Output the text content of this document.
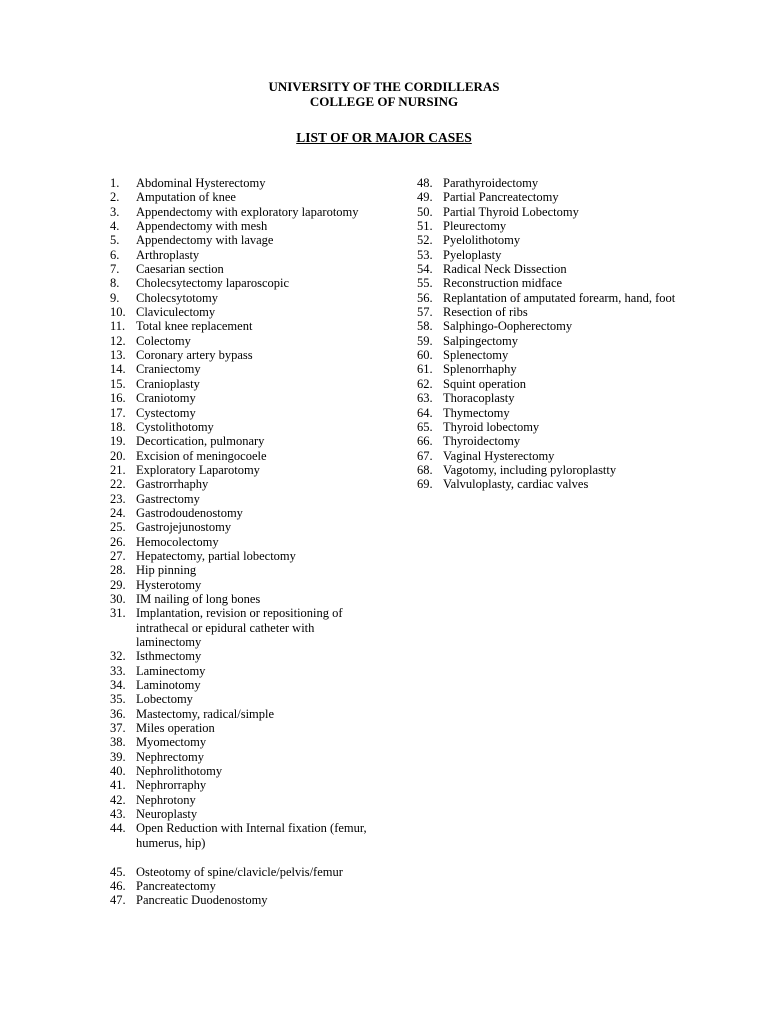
UNIVERSITY OF THE CORDILLERAS
COLLEGE OF NURSING
LIST OF OR MAJOR CASES
1.	Abdominal Hysterectomy
2.	Amputation of knee
3.	Appendectomy with exploratory laparotomy
4.	Appendectomy with mesh
5.	Appendectomy with lavage
6.	Arthroplasty
7.	Caesarian section
8.	Cholecsytectomy laparoscopic
9.	Cholecsytotomy
10. Claviculectomy
11. Total knee replacement
12. Colectomy
13. Coronary artery bypass
14. Craniectomy
15. Cranioplasty
16. Craniotomy
17. Cystectomy
18. Cystolithotomy
19. Decortication, pulmonary
20. Excision of meningocoele
21. Exploratory Laparotomy
22. Gastrorrhaphy
23. Gastrectomy
24. Gastrodoudenostomy
25. Gastrojejunostomy
26. Hemocolectomy
27. Hepatectomy, partial lobectomy
28. Hip pinning
29. Hysterotomy
30. IM nailing of long bones
31. Implantation, revision or repositioning of intrathecal or epidural catheter with laminectomy
32. Isthmectomy
33. Laminectomy
34. Laminotomy
35. Lobectomy
36. Mastectomy, radical/simple
37. Miles operation
38. Myomectomy
39. Nephrectomy
40. Nephrolithotomy
41. Nephrorraphy
42. Nephrotony
43. Neuroplasty
44. Open Reduction with Internal fixation (femur, humerus, hip)
45. Osteotomy of spine/clavicle/pelvis/femur
46. Pancreatectomy
47. Pancreatic Duodenostomy
48. Parathyroidectomy
49. Partial Pancreatectomy
50. Partial Thyroid Lobectomy
51. Pleurectomy
52. Pyelolithotomy
53. Pyeloplasty
54. Radical Neck Dissection
55. Reconstruction midface
56. Replantation of amputated forearm, hand, foot
57. Resection of ribs
58. Salphingo-Oopherectomy
59. Salpingectomy
60. Splenectomy
61. Splenorrhaphy
62. Squint operation
63. Thoracoplasty
64. Thymectomy
65. Thyroid lobectomy
66. Thyroidectomy
67. Vaginal Hysterectomy
68. Vagotomy, including pyloroplastty
69. Valvuloplasty, cardiac valves
